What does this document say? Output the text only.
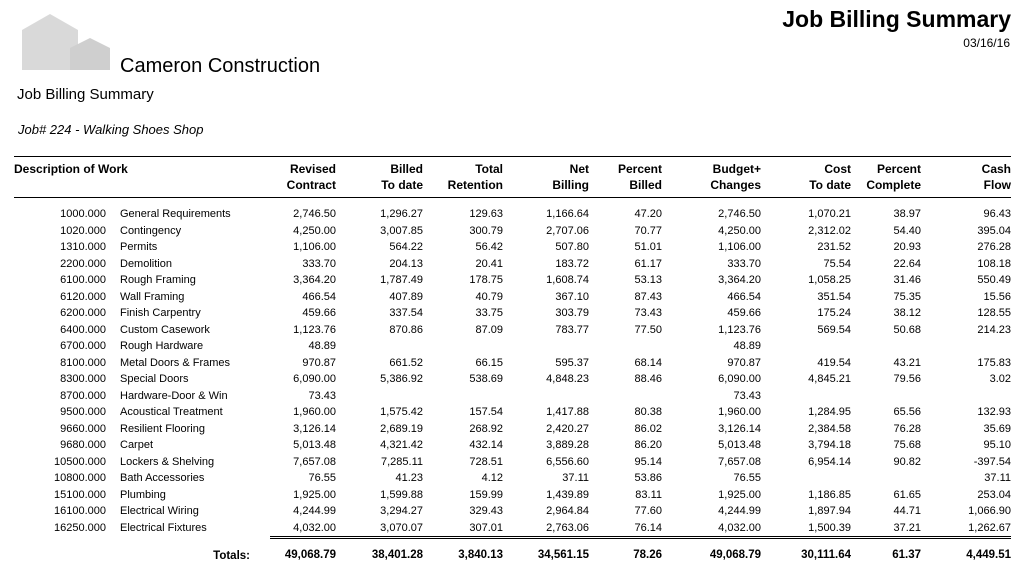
Cameron Construction
Job Billing Summary
Job# 224 - Walking Shoes Shop
Job Billing Summary
03/16/16
Description of Work		Revised	Billed	Total	Net	Percent	Budget+	Cost	Percent	Cash
		Contract	To date	Retention	Billing	Billed	Changes	To date	Complete	Flow

1000.000	General Requirements	2,746.50	1,296.27	129.63	1,166.64	47.20	2,746.50	1,070.21	38.97	96.43
1020.000	Contingency	4,250.00	3,007.85	300.79	2,707.06	70.77	4,250.00	2,312.02	54.40	395.04
1310.000	Permits	1,106.00	564.22	56.42	507.80	51.01	1,106.00	231.52	20.93	276.28
2200.000	Demolition	333.70	204.13	20.41	183.72	61.17	333.70	75.54	22.64	108.18
6100.000	Rough Framing	3,364.20	1,787.49	178.75	1,608.74	53.13	3,364.20	1,058.25	31.46	550.49
6120.000	Wall Framing	466.54	407.89	40.79	367.10	87.43	466.54	351.54	75.35	15.56
6200.000	Finish Carpentry	459.66	337.54	33.75	303.79	73.43	459.66	175.24	38.12	128.55
6400.000	Custom Casework	1,123.76	870.86	87.09	783.77	77.50	1,123.76	569.54	50.68	214.23
6700.000	Rough Hardware	48.89					48.89			
8100.000	Metal Doors & Frames	970.87	661.52	66.15	595.37	68.14	970.87	419.54	43.21	175.83
8300.000	Special Doors	6,090.00	5,386.92	538.69	4,848.23	88.46	6,090.00	4,845.21	79.56	3.02
8700.000	Hardware-Door & Win	73.43					73.43			
9500.000	Acoustical Treatment	1,960.00	1,575.42	157.54	1,417.88	80.38	1,960.00	1,284.95	65.56	132.93
9660.000	Resilient Flooring	3,126.14	2,689.19	268.92	2,420.27	86.02	3,126.14	2,384.58	76.28	35.69
9680.000	Carpet	5,013.48	4,321.42	432.14	3,889.28	86.20	5,013.48	3,794.18	75.68	95.10
10500.000	Lockers & Shelving	7,657.08	7,285.11	728.51	6,556.60	95.14	7,657.08	6,954.14	90.82	-397.54
10800.000	Bath Accessories	76.55	41.23	4.12	37.11	53.86	76.55			37.11
15100.000	Plumbing	1,925.00	1,599.88	159.99	1,439.89	83.11	1,925.00	1,186.85	61.65	253.04
16100.000	Electrical Wiring	4,244.99	3,294.27	329.43	2,964.84	77.60	4,244.99	1,897.94	44.71	1,066.90
16250.000	Electrical Fixtures	4,032.00	3,070.07	307.01	2,763.06	76.14	4,032.00	1,500.39	37.21	1,262.67
	Totals:	49,068.79	38,401.28	3,840.13	34,561.15	78.26	49,068.79	30,111.64	61.37	4,449.51
